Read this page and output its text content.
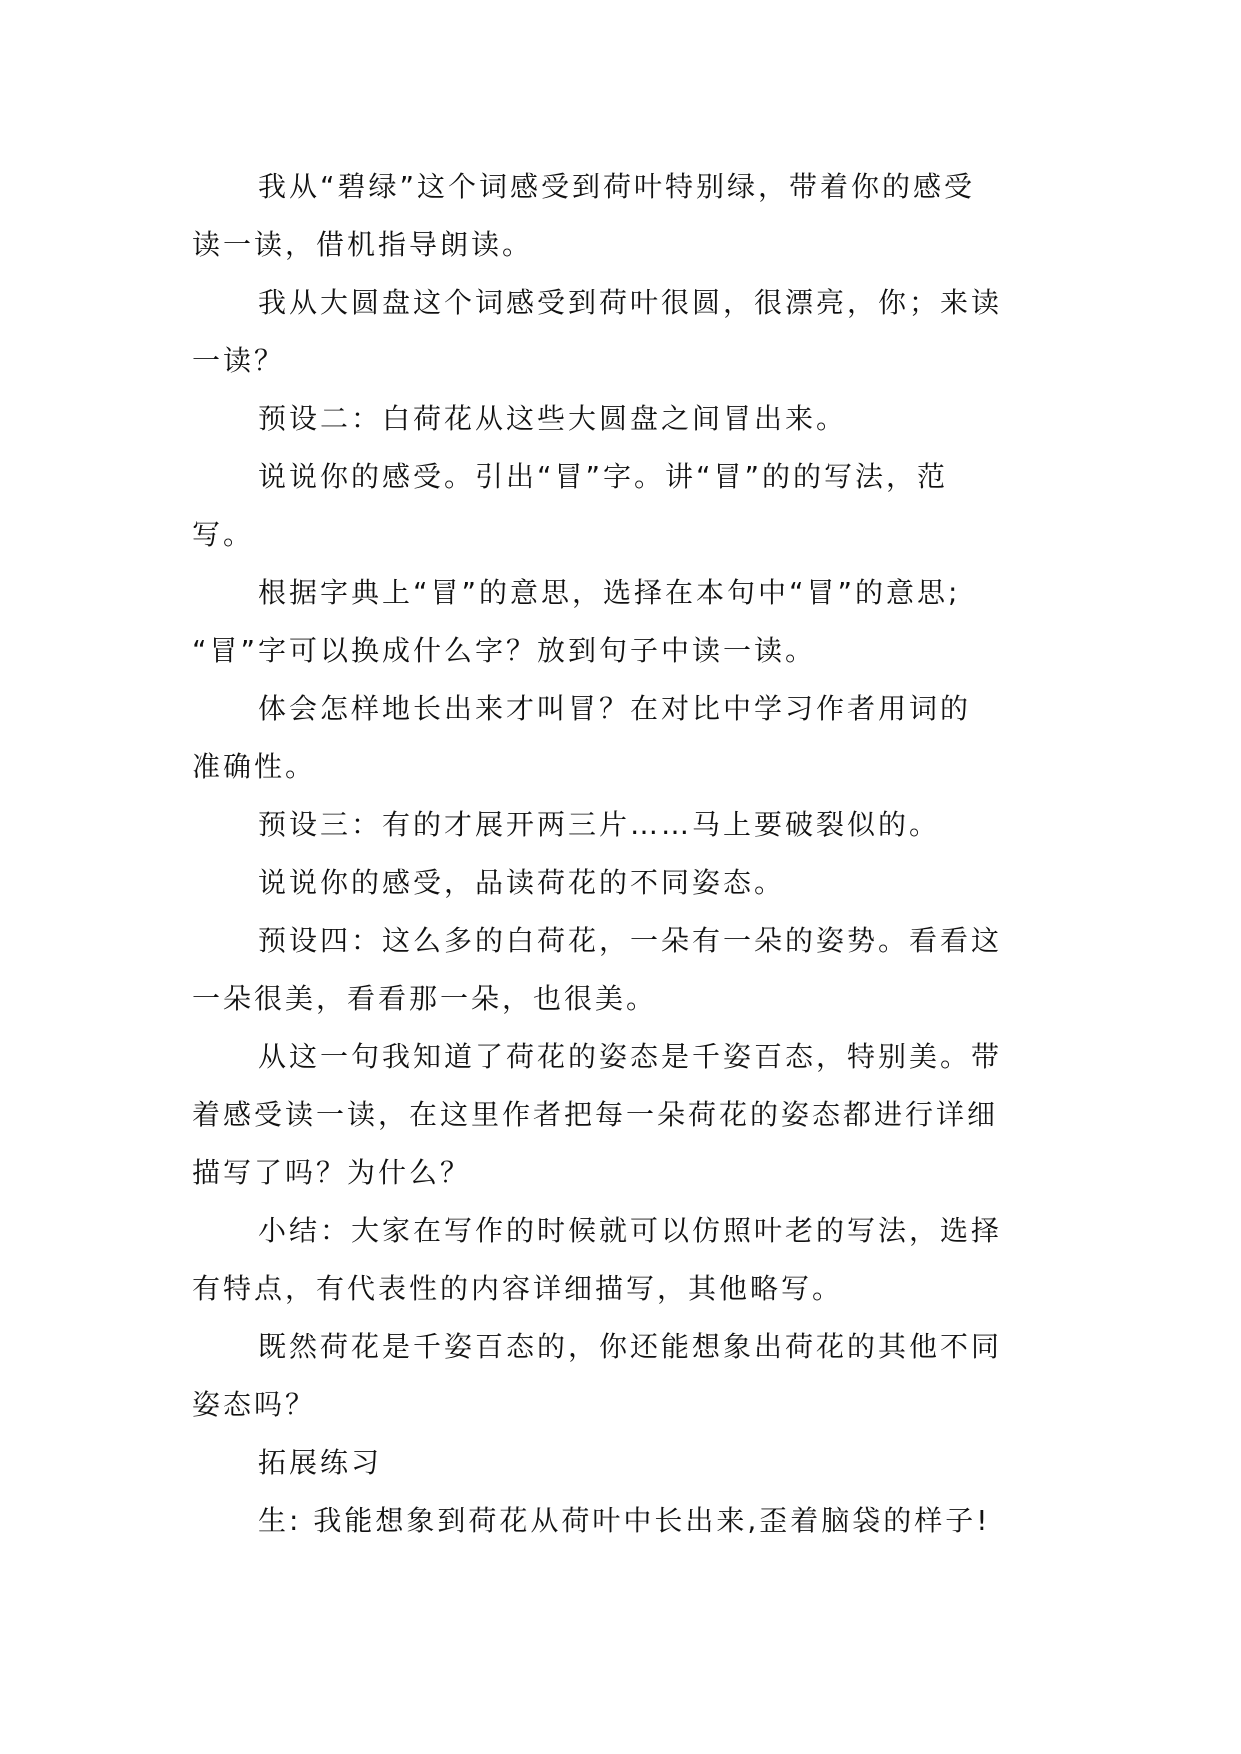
我从“碧绿”这个词感受到荷叶特别绿，带着你的感受
读一读，借机指导朗读。

我从大圆盘这个词感受到荷叶很圆，很漂亮，你；来读
一读？

预设二：白荷花从这些大圆盘之间冒出来。

说说你的感受。引出“冒”字。讲“冒”的的写法，范
写。

根据字典上“冒”的意思，选择在本句中“冒”的意思;
“冒”字可以换成什么字？放到句子中读一读。

体会怎样地长出来才叫冒？在对比中学习作者用词的
准确性。

预设三：有的才展开两三片……马上要破裂似的。

说说你的感受，品读荷花的不同姿态。

预设四：这么多的白荷花，一朵有一朵的姿势。看看这
一朵很美，看看那一朵，也很美。

从这一句我知道了荷花的姿态是千姿百态，特别美。带
着感受读一读，在这里作者把每一朵荷花的姿态都进行详细
描写了吗？为什么？

小结：大家在写作的时候就可以仿照叶老的写法，选择
有特点，有代表性的内容详细描写，其他略写。

既然荷花是千姿百态的，你还能想象出荷花的其他不同
姿态吗？

拓展练习

生: 我能想象到荷花从荷叶中长出来,歪着脑袋的样子!
